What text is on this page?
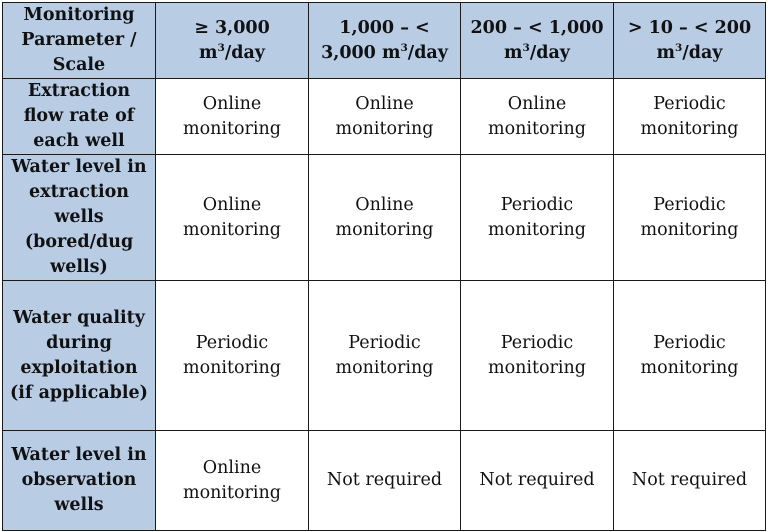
Monitoring Parameter / Scale	≥ 3,000 $m^3$/day	1,000 – < 3,000 $m^3$/day	200 – < 1,000 $m^3$/day	> 10 – < 200 $m^3$/day
Extraction flow rate of each well	Online monitoring	Online monitoring	Online monitoring	Periodic monitoring
Water level in extraction wells (bored/dug wells)	Online monitoring	Online monitoring	Periodic monitoring	Periodic monitoring
Water quality during exploitation (if applicable)	Periodic monitoring	Periodic monitoring	Periodic monitoring	Periodic monitoring
Water level in observation wells	Online monitoring	Not required	Not required	Not required
